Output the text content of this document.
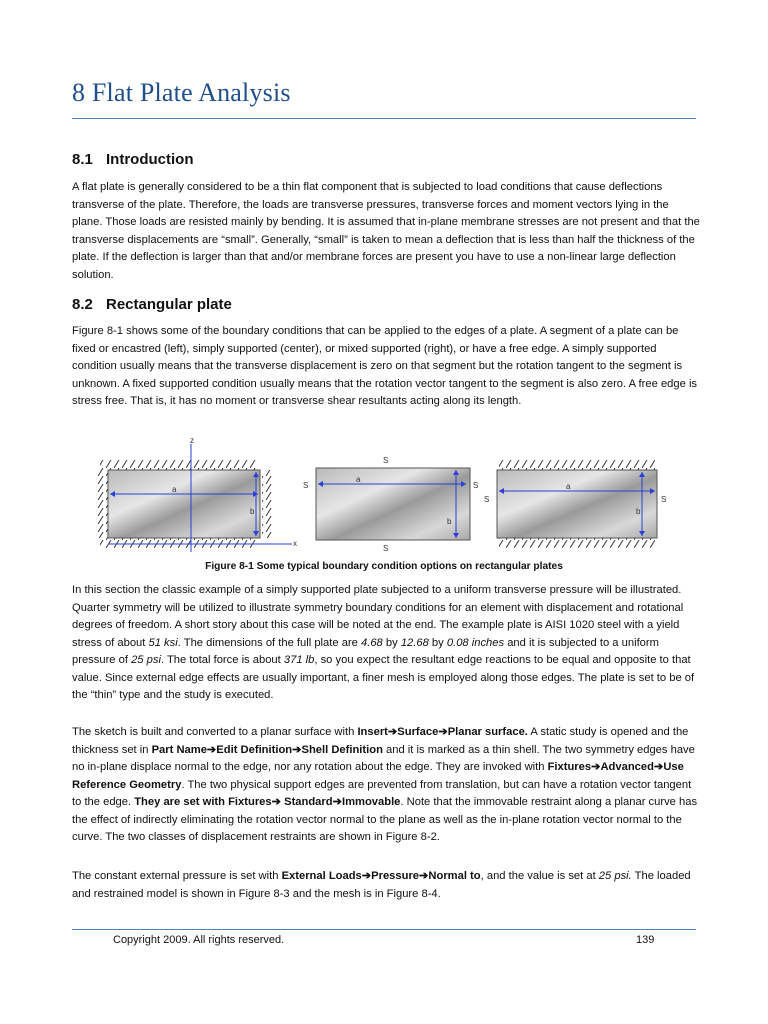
8 Flat Plate Analysis
8.1 Introduction

A flat plate is generally considered to be a thin flat component that is subjected to load conditions that cause deflections transverse of the plate. Therefore, the loads are transverse pressures, transverse forces and moment vectors lying in the plane. Those loads are resisted mainly by bending. It is assumed that in-plane membrane stresses are not present and that the transverse displacements are “small”. Generally, “small” is taken to mean a deflection that is less than half the thickness of the plate. If the deflection is larger than that and/or membrane forces are present you have to use a non-linear large deflection solution.

8.2 Rectangular plate

Figure 8-1 shows some of the boundary conditions that can be applied to the edges of a plate. A segment of a plate can be fixed or encastred (left), simply supported (center), or mixed supported (right), or have a free edge. A simply supported condition usually means that the transverse displacement is zero on that segment but the rotation tangent to the segment is unknown. A fixed supported condition usually means that the rotation vector tangent to the segment is also zero. A free edge is stress free. That is, it has no moment or transverse shear resultants acting along its length.

z
x
a
b
S
S
S	S
a
b
S	S
a
b

Figure 8-1 Some typical boundary condition options on rectangular plates

In this section the classic example of a simply supported plate subjected to a uniform transverse pressure will be illustrated. Quarter symmetry will be utilized to illustrate symmetry boundary conditions for an element with displacement and rotational degrees of freedom. A short story about this case will be noted at the end. The example plate is AISI 1020 steel with a yield stress of about 51 ksi. The dimensions of the full plate are 4.68 by 12.68 by 0.08 inches and it is subjected to a uniform pressure of 25 psi. The total force is about 371 lb, so you expect the resultant edge reactions to be equal and opposite to that value. Since external edge effects are usually important, a finer mesh is employed along those edges. The plate is set to be of the “thin” type and the study is executed.

The sketch is built and converted to a planar surface with Insert➔Surface➔Planar surface. A static study is opened and the thickness set in Part Name➔Edit Definition➔Shell Definition and it is marked as a thin shell. The two symmetry edges have no in-plane displace normal to the edge, nor any rotation about the edge. They are invoked with Fixtures➔Advanced➔Use Reference Geometry. The two physical support edges are prevented from translation, but can have a rotation vector tangent to the edge. They are set with Fixtures➔ Standard➔Immovable. Note that the immovable restraint along a planar curve has the effect of indirectly eliminating the rotation vector normal to the plane as well as the in-plane rotation vector normal to the curve. The two classes of displacement restraints are shown in Figure 8-2.

The constant external pressure is set with External Loads➔Pressure➔Normal to, and the value is set at 25 psi. The loaded and restrained model is shown in Figure 8-3 and the mesh is in Figure 8-4.

Copyright 2009. All rights reserved.	139
